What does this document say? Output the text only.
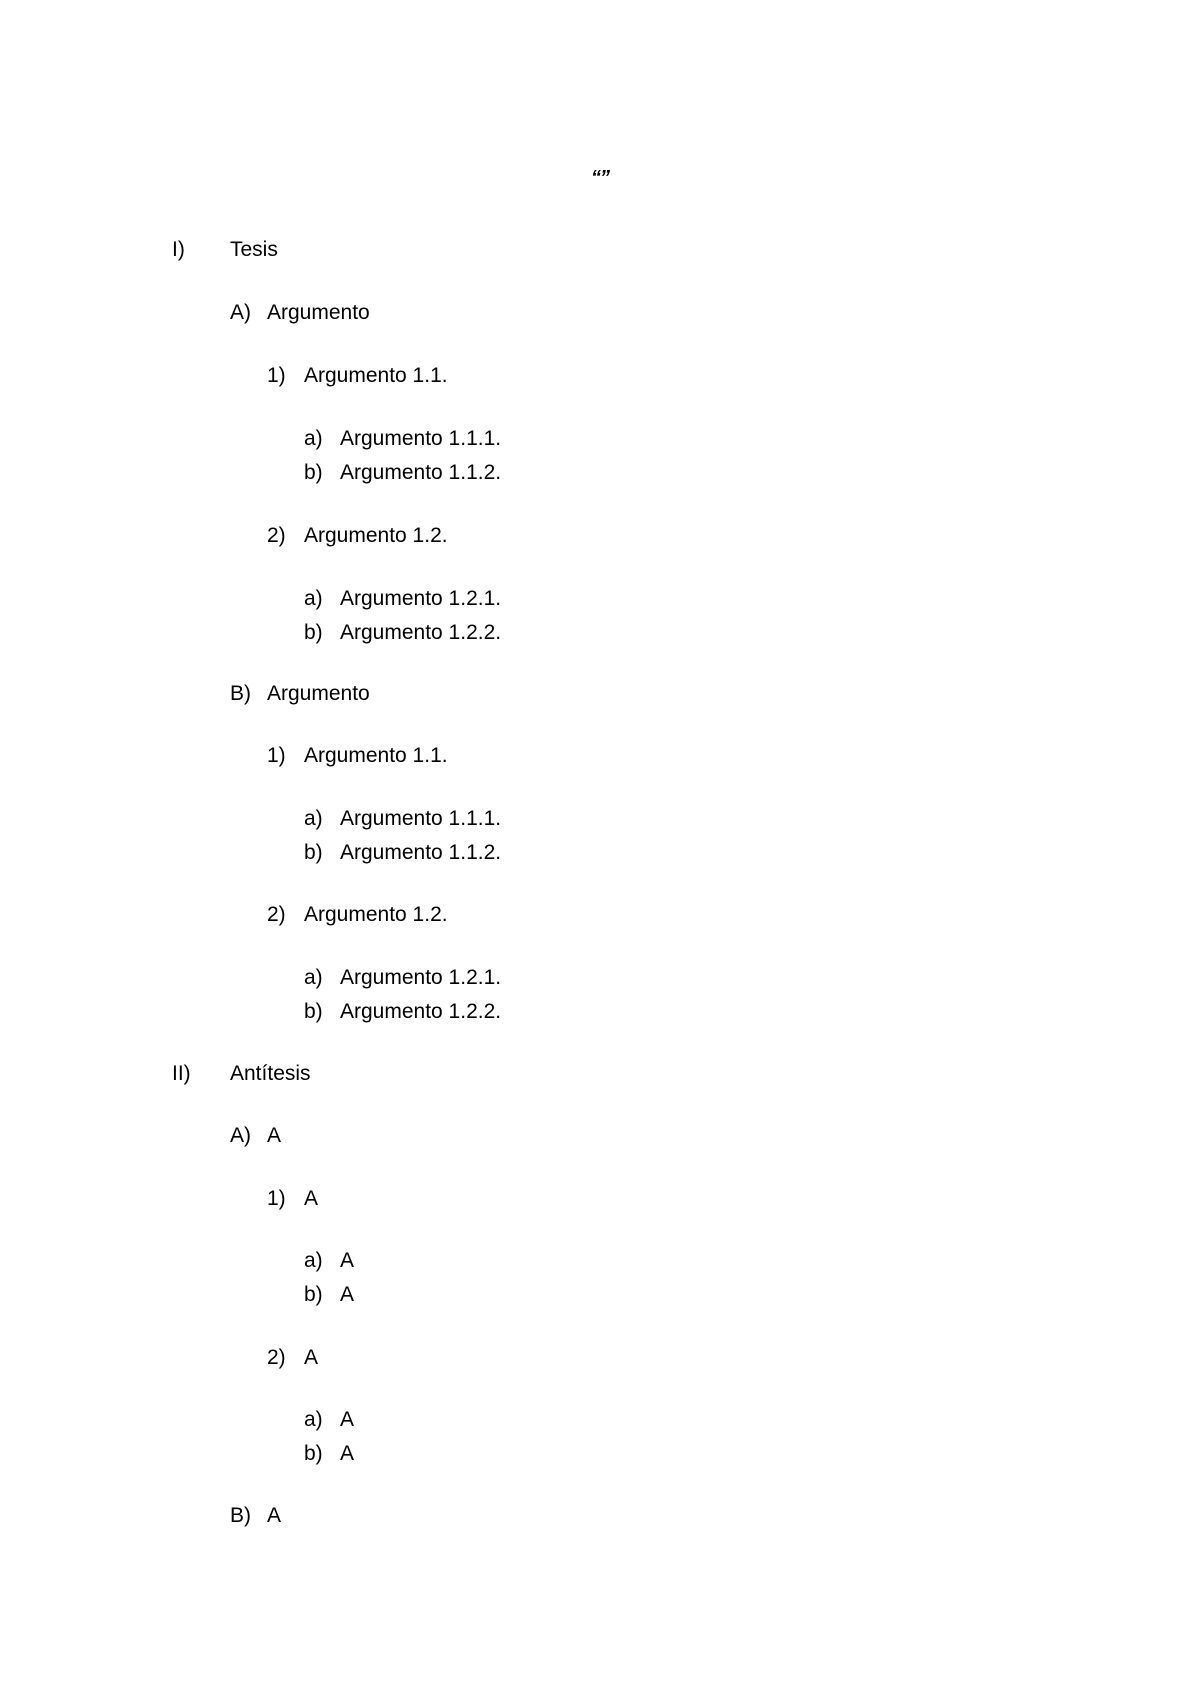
“”
I) Tesis
A) Argumento
1) Argumento 1.1.
a) Argumento 1.1.1.
b) Argumento 1.1.2.
2) Argumento 1.2.
a) Argumento 1.2.1.
b) Argumento 1.2.2.
B) Argumento
1) Argumento 1.1.
a) Argumento 1.1.1.
b) Argumento 1.1.2.
2) Argumento 1.2.
a) Argumento 1.2.1.
b) Argumento 1.2.2.
II) Antítesis
A) A
1) A
a) A
b) A
2) A
a) A
b) A
B) A
